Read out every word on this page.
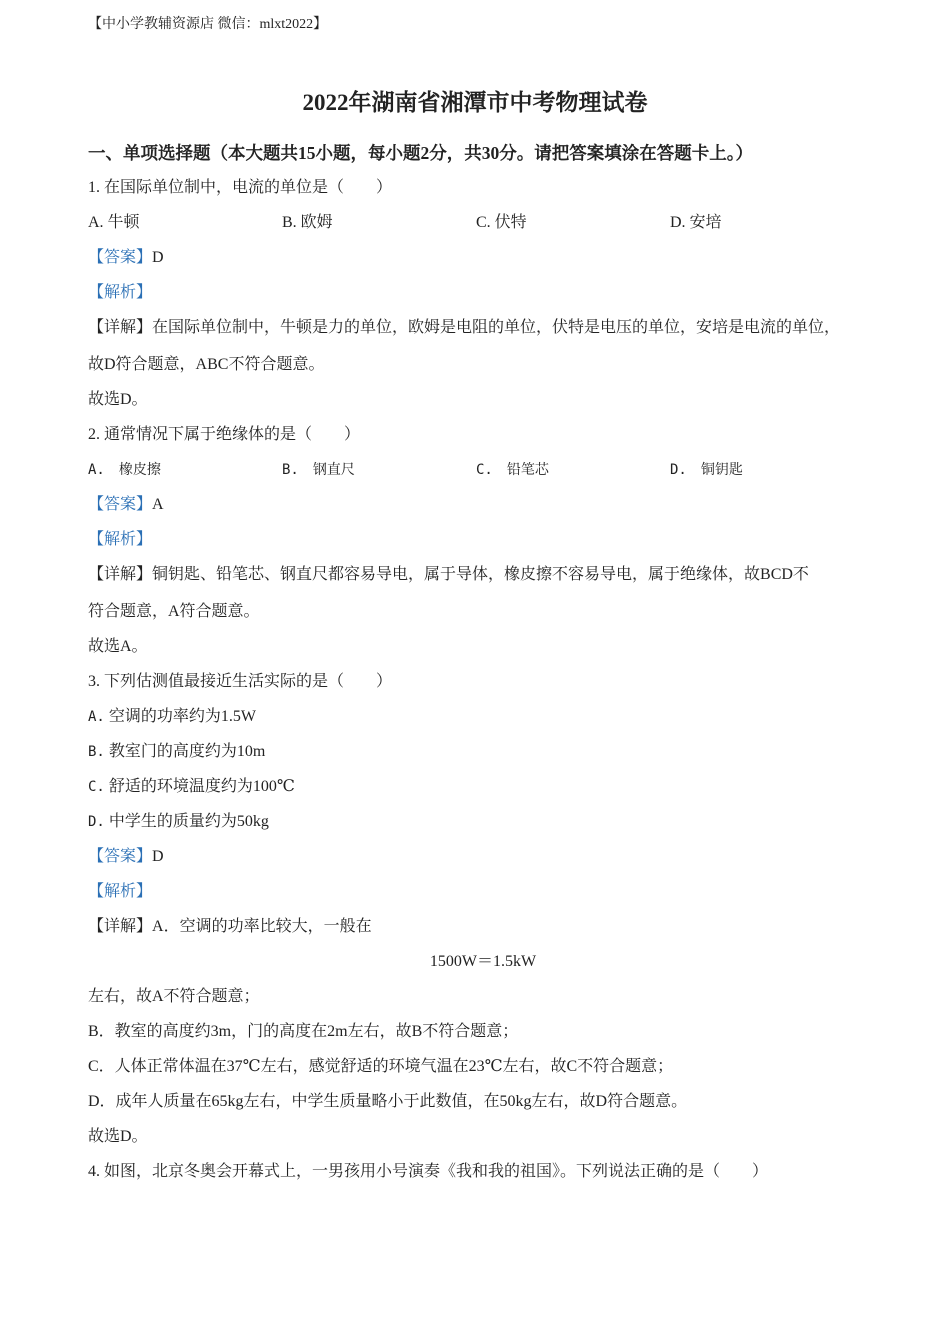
【中小学教辅资源店 微信：mlxt2022】
2022年湖南省湘潭市中考物理试卷
一、单项选择题（本大题共15小题，每小题2分，共30分。请把答案填涂在答题卡上。）
1. 在国际单位制中，电流的单位是（　　）
A. 牛顿	B. 欧姆	C. 伏特	D. 安培
【答案】D
【解析】
【详解】在国际单位制中，牛顿是力的单位，欧姆是电阻的单位，伏特是电压的单位，安培是电流的单位，
故D符合题意，ABC不符合题意。
故选D。
2. 通常情况下属于绝缘体的是（　　）
A.　橡皮擦	B.　钢直尺	C.　铅笔芯	D.　铜钥匙
【答案】A
【解析】
【详解】铜钥匙、铅笔芯、钢直尺都容易导电，属于导体，橡皮擦不容易导电，属于绝缘体，故BCD不
符合题意，A符合题意。
故选A。
3. 下列估测值最接近生活实际的是（　　）
A. 空调的功率约为1.5W
B. 教室门的高度约为10m
C. 舒适的环境温度约为100℃
D. 中学生的质量约为50kg
【答案】D
【解析】
【详解】A．空调的功率比较大，一般在
1500W＝1.5kW
左右，故A不符合题意；
B．教室的高度约3m，门的高度在2m左右，故B不符合题意；
C．人体正常体温在37℃左右，感觉舒适的环境气温在23℃左右，故C不符合题意；
D．成年人质量在65kg左右，中学生质量略小于此数值，在50kg左右，故D符合题意。
故选D。
4. 如图，北京冬奥会开幕式上，一男孩用小号演奏《我和我的祖国》。下列说法正确的是（　　）
